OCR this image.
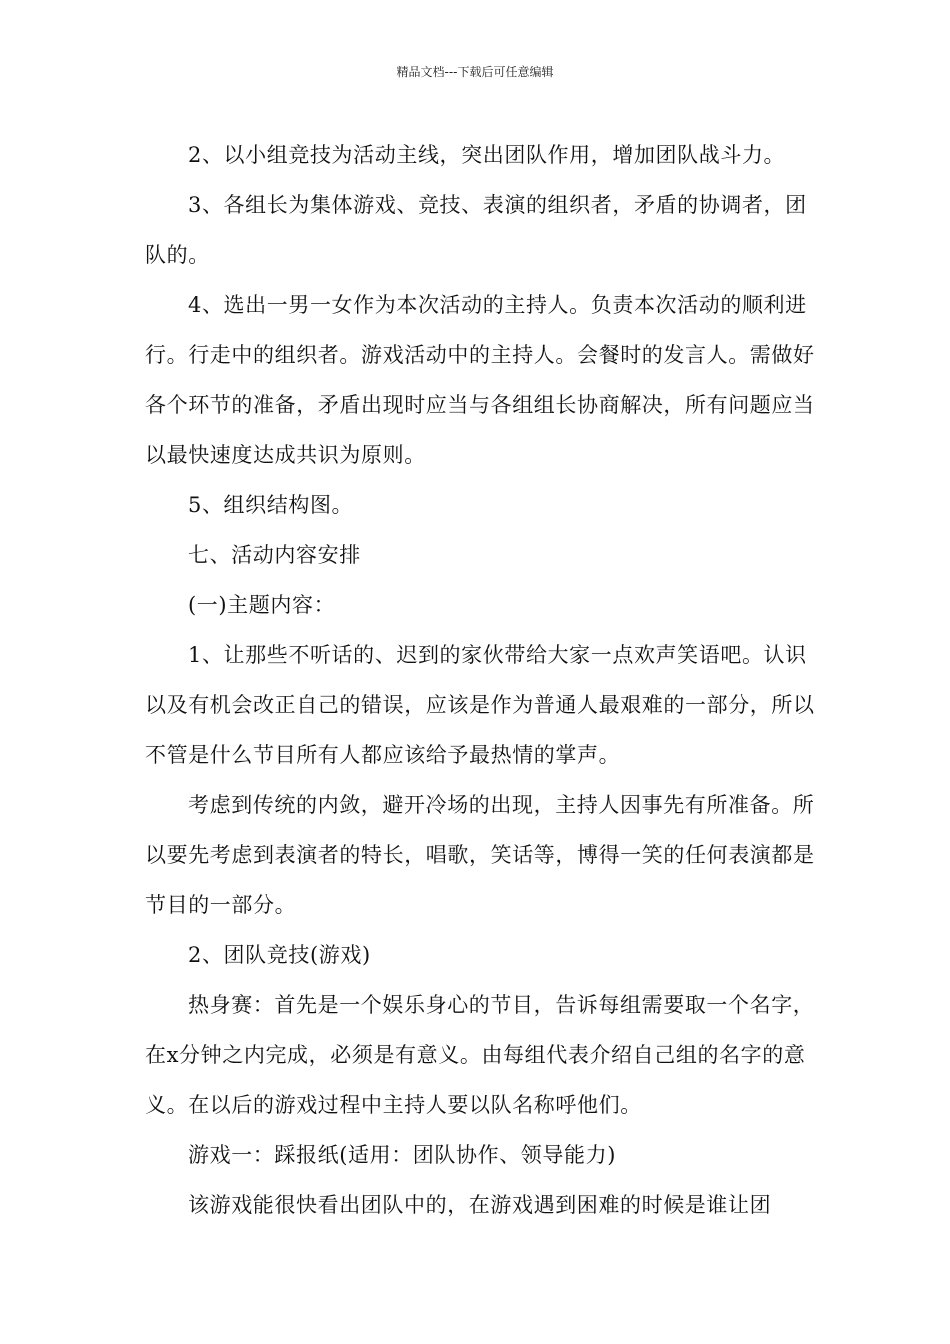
精品文档---下载后可任意编辑

2、以小组竞技为活动主线，突出团队作用，增加团队战斗力。

3、各组长为集体游戏、竞技、表演的组织者，矛盾的协调者，团队的。

4、选出一男一女作为本次活动的主持人。负责本次活动的顺利进行。行走中的组织者。游戏活动中的主持人。会餐时的发言人。需做好各个环节的准备，矛盾出现时应当与各组组长协商解决，所有问题应当以最快速度达成共识为原则。

5、组织结构图。

七、活动内容安排

(一)主题内容：

1、让那些不听话的、迟到的家伙带给大家一点欢声笑语吧。认识以及有机会改正自己的错误，应该是作为普通人最艰难的一部分，所以不管是什么节目所有人都应该给予最热情的掌声。

考虑到传统的内敛，避开冷场的出现，主持人因事先有所准备。所以要先考虑到表演者的特长，唱歌，笑话等，博得一笑的任何表演都是节目的一部分。

2、团队竞技(游戏)

热身赛：首先是一个娱乐身心的节目，告诉每组需要取一个名字，在x分钟之内完成，必须是有意义。由每组代表介绍自己组的名字的意义。在以后的游戏过程中主持人要以队名称呼他们。

游戏一：踩报纸(适用：团队协作、领导能力)

该游戏能很快看出团队中的，在游戏遇到困难的时候是谁让团
